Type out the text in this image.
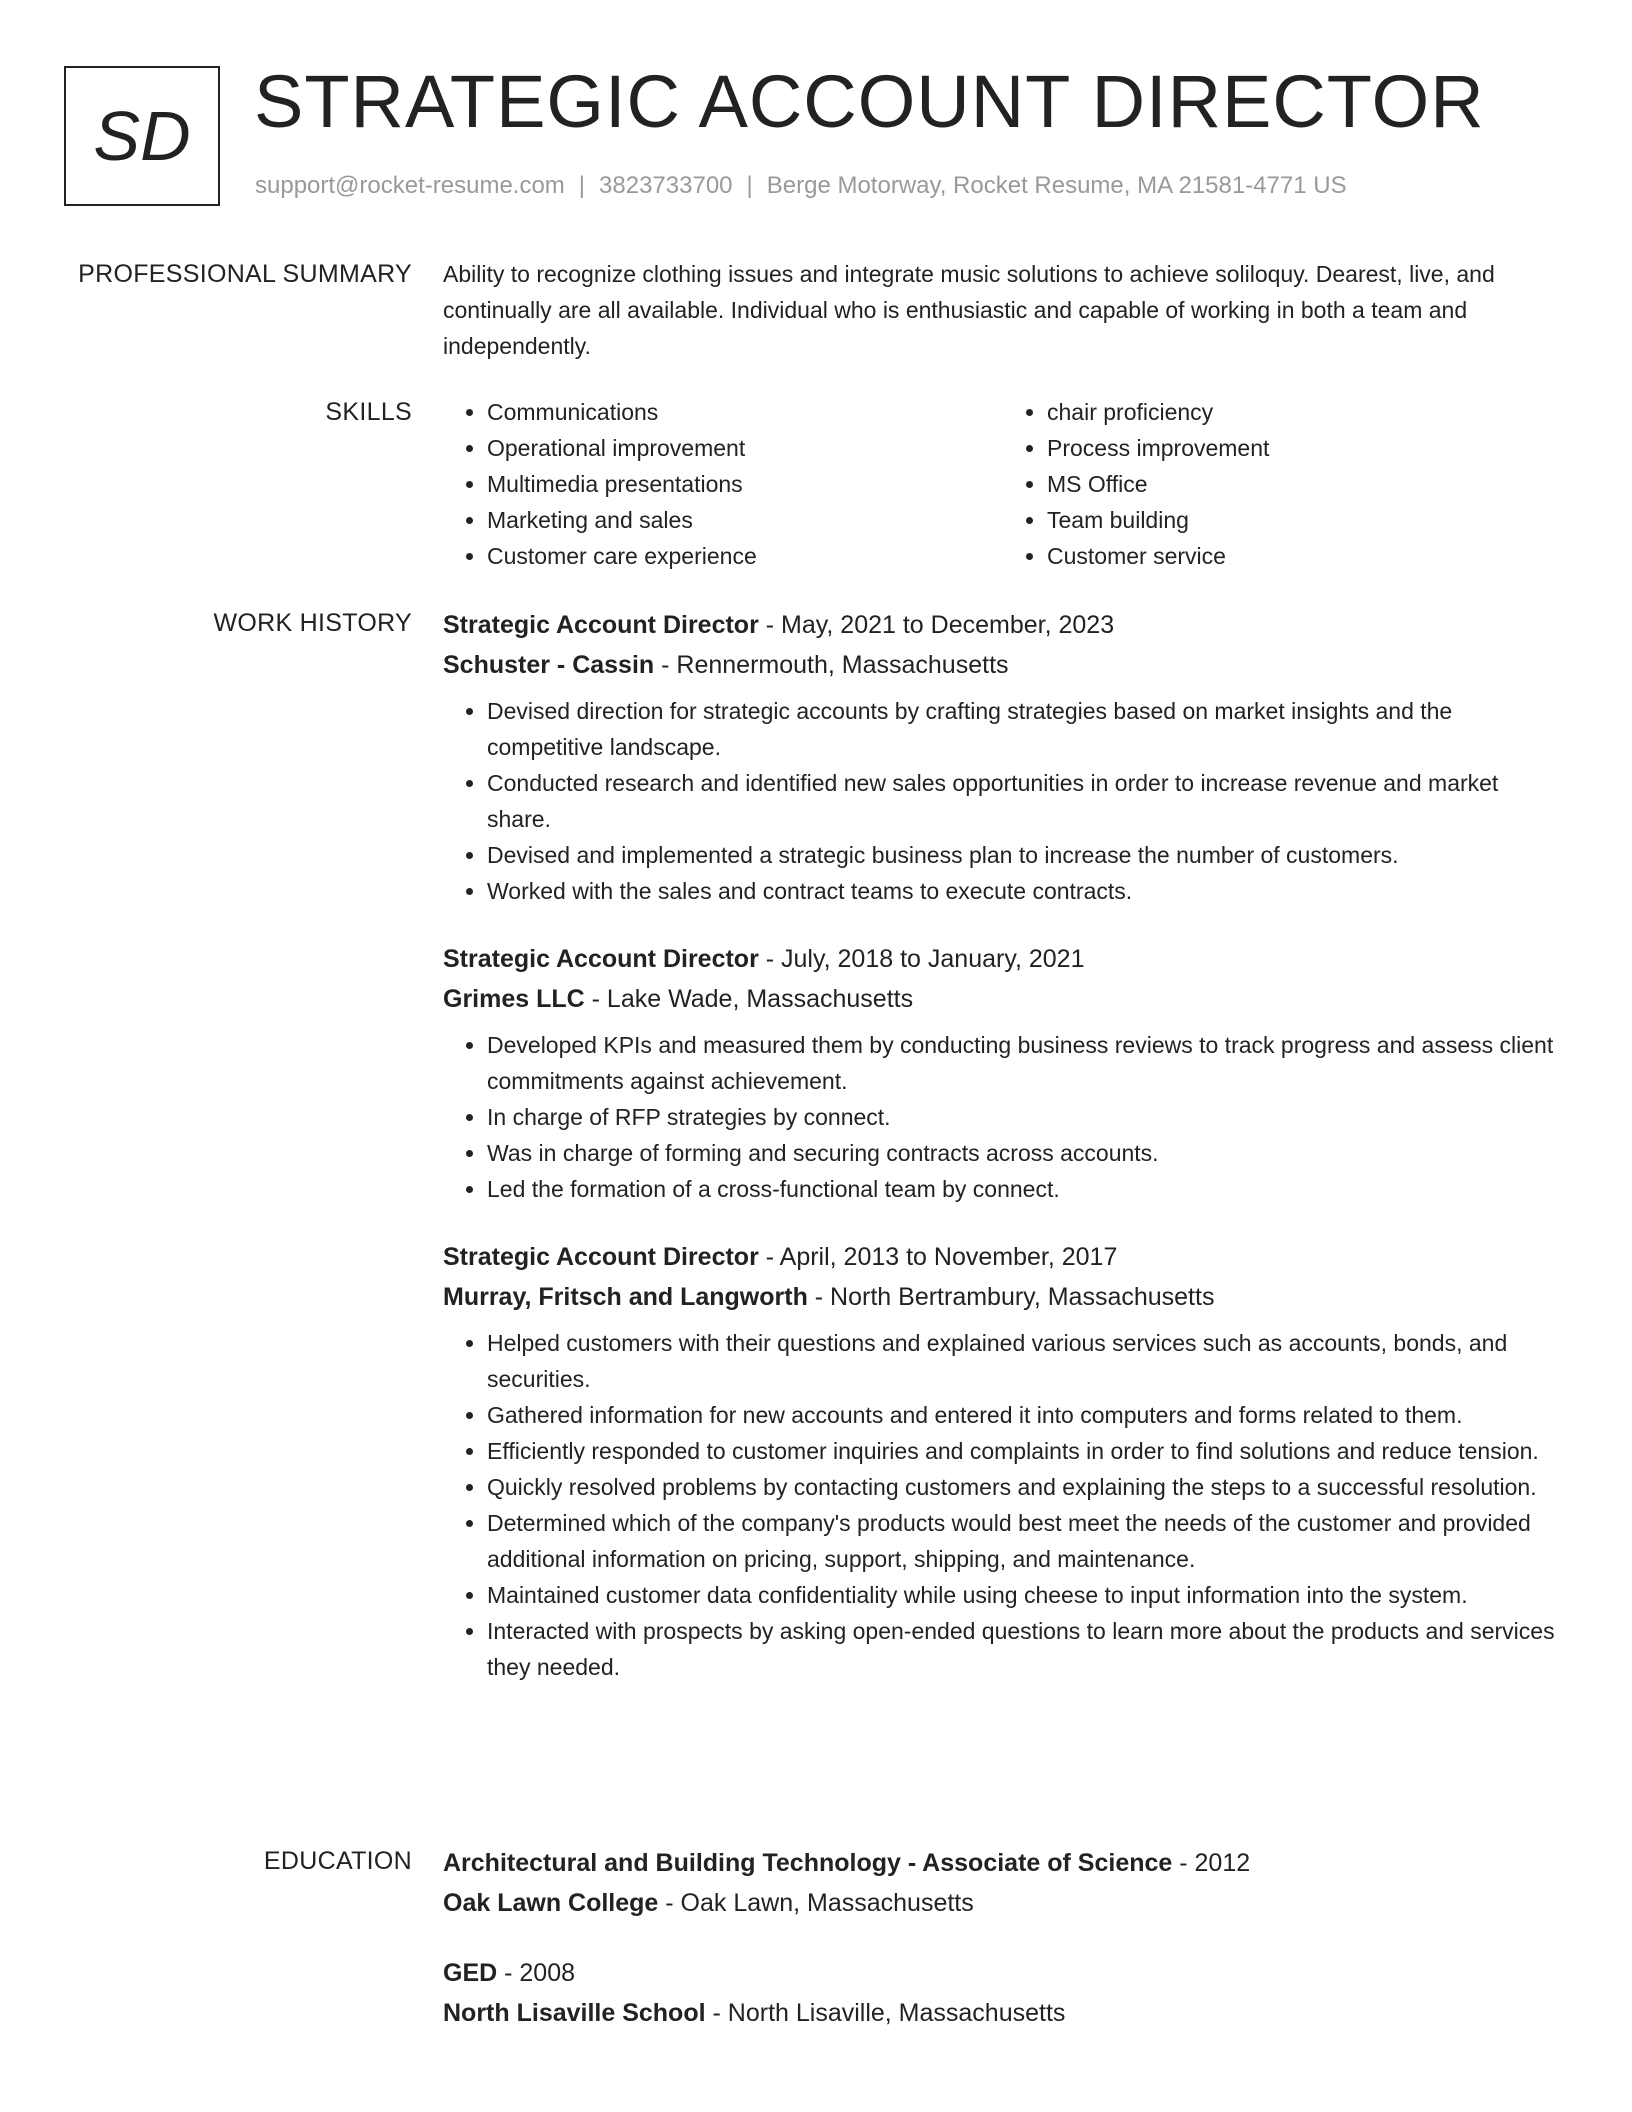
SD STRATEGIC ACCOUNT DIRECTOR
support@rocket-resume.com | 3823733700 | Berge Motorway, Rocket Resume, MA 21581-4771 US
PROFESSIONAL SUMMARY Ability to recognize clothing issues and integrate music solutions to achieve soliloquy. Dearest, live, and continually are all available. Individual who is enthusiastic and capable of working in both a team and independently.

SKILLS
•	Communications
• Operational improvement
• Multimedia presentations
• Marketing and sales
• Customer care experience
• chair proficiency
• Process improvement
• MS Office
• Team building
• Customer service
WORK HISTORY Strategic Account Director - May, 2021 to December, 2023
Schuster - Cassin - Rennermouth, Massachusetts
• Devised direction for strategic accounts by crafting strategies based on market insights and the competitive landscape.
• Conducted research and identified new sales opportunities in order to increase revenue and market share.
• Devised and implemented a strategic business plan to increase the number of customers.
• Worked with the sales and contract teams to execute contracts.
Strategic Account Director - July, 2018 to January, 2021
Grimes LLC - Lake Wade, Massachusetts
• Developed KPIs and measured them by conducting business reviews to track progress and assess client commitments against achievement.
• In charge of RFP strategies by connect.
• Was in charge of forming and securing contracts across accounts.
• Led the formation of a cross-functional team by connect.
Strategic Account Director - April, 2013 to November, 2017
Murray, Fritsch and Langworth - North Bertrambury, Massachusetts
• Helped customers with their questions and explained various services such as accounts, bonds, and securities.
• Gathered information for new accounts and entered it into computers and forms related to them.
• Efficiently responded to customer inquiries and complaints in order to find solutions and reduce tension.
• Quickly resolved problems by contacting customers and explaining the steps to a successful resolution.
• Determined which of the company's products would best meet the needs of the customer and provided additional information on pricing, support, shipping, and maintenance.
• Maintained customer data confidentiality while using cheese to input information into the system.
• Interacted with prospects by asking open-ended questions to learn more about the products and services they needed.
EDUCATION Architectural and Building Technology - Associate of Science - 2012
Oak Lawn College - Oak Lawn, Massachusetts
GED - 2008
North Lisaville School - North Lisaville, Massachusetts
